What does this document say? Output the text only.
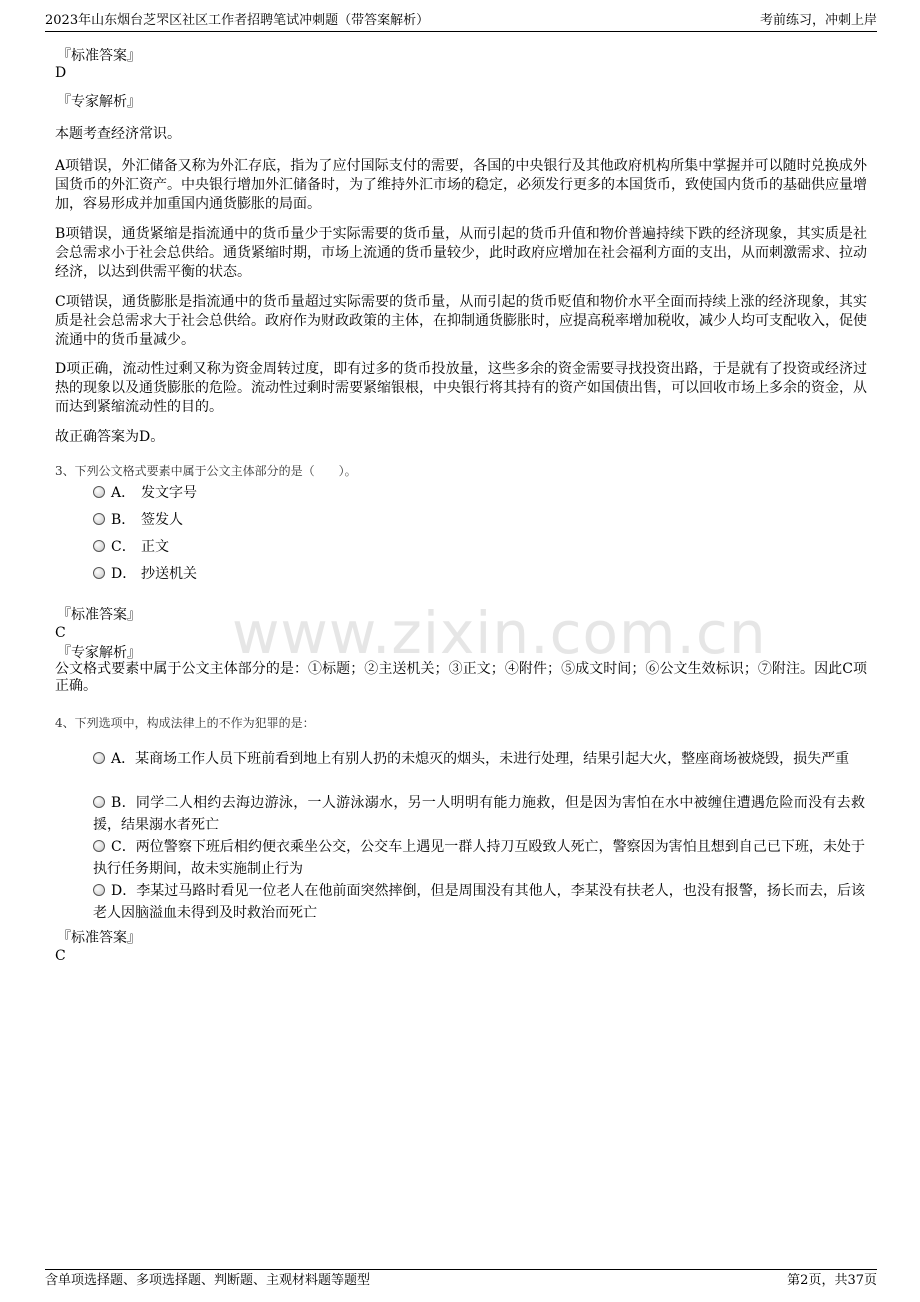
2023年山东烟台芝罘区社区工作者招聘笔试冲刺题（带答案解析）	考前练习，冲刺上岸
www.zixin.com.cn
『标准答案』
D
『专家解析』
本题考查经济常识。
A项错误，外汇储备又称为外汇存底，指为了应付国际支付的需要，各国的中央银行及其他政府机构所集中掌握并可以随时兑换成外国货币的外汇资产。中央银行增加外汇储备时，为了维持外汇市场的稳定，必须发行更多的本国货币，致使国内货币的基础供应量增加，容易形成并加重国内通货膨胀的局面。
B项错误，通货紧缩是指流通中的货币量少于实际需要的货币量，从而引起的货币升值和物价普遍持续下跌的经济现象，其实质是社会总需求小于社会总供给。通货紧缩时期，市场上流通的货币量较少，此时政府应增加在社会福利方面的支出，从而刺激需求、拉动经济，以达到供需平衡的状态。
C项错误，通货膨胀是指流通中的货币量超过实际需要的货币量，从而引起的货币贬值和物价水平全面而持续上涨的经济现象，其实质是社会总需求大于社会总供给。政府作为财政政策的主体，在抑制通货膨胀时，应提高税率增加税收，减少人均可支配收入，促使流通中的货币量减少。
D项正确，流动性过剩又称为资金周转过度，即有过多的货币投放量，这些多余的资金需要寻找投资出路，于是就有了投资或经济过热的现象以及通货膨胀的危险。流动性过剩时需要紧缩银根，中央银行将其持有的资产如国债出售，可以回收市场上多余的资金，从而达到紧缩流动性的目的。
故正确答案为D。
3、下列公文格式要素中属于公文主体部分的是（　　）。
A． 发文字号
B． 签发人
C． 正文
D． 抄送机关
『标准答案』
C
『专家解析』
公文格式要素中属于公文主体部分的是：①标题；②主送机关；③正文；④附件；⑤成文时间；⑥公文生效标识；⑦附注。因此C项正确。
4、下列选项中，构成法律上的不作为犯罪的是：
A．某商场工作人员下班前看到地上有别人扔的未熄灭的烟头，未进行处理，结果引起大火，整座商场被烧毁，损失严重
B．同学二人相约去海边游泳，一人游泳溺水，另一人明明有能力施救，但是因为害怕在水中被缠住遭遇危险而没有去救援，结果溺水者死亡
C．两位警察下班后相约便衣乘坐公交，公交车上遇见一群人持刀互殴致人死亡，警察因为害怕且想到自己已下班，未处于执行任务期间，故未实施制止行为
D．李某过马路时看见一位老人在他前面突然摔倒，但是周围没有其他人，李某没有扶老人，也没有报警，扬长而去，后该老人因脑溢血未得到及时救治而死亡
『标准答案』
C
含单项选择题、多项选择题、判断题、主观材料题等题型	第2页，共37页
